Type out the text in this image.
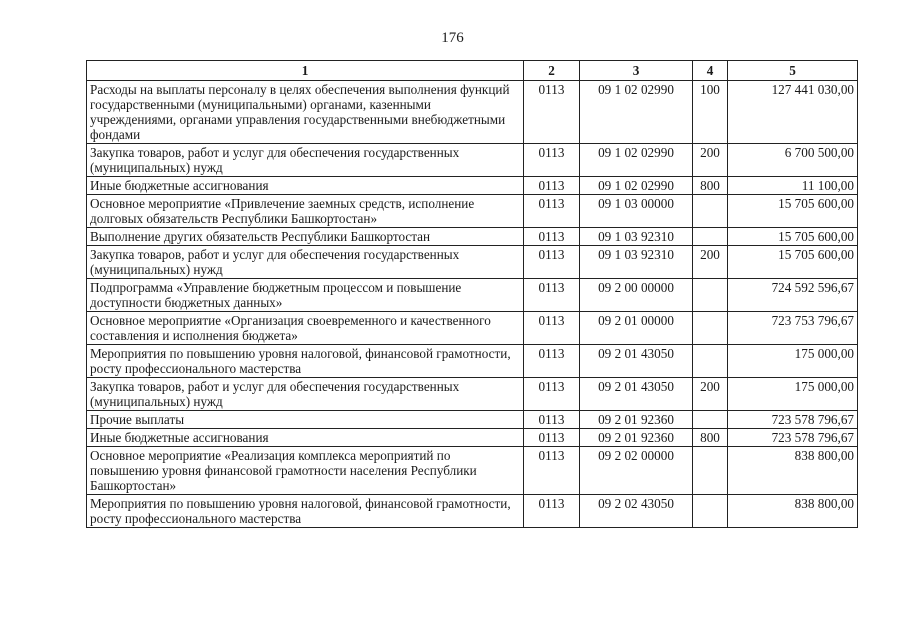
176
1	2	3	4	5
Расходы на выплаты персоналу в целях обеспечения выполнения функций государственными (муниципальными) органами, казенными учреждениями, органами управления государственными внебюджетными фондами	0113	09 1 02 02990	100	127 441 030,00
Закупка товаров, работ и услуг для обеспечения государственных (муниципальных) нужд	0113	09 1 02 02990	200	6 700 500,00
Иные бюджетные ассигнования	0113	09 1 02 02990	800	11 100,00
Основное мероприятие «Привлечение заемных средств, исполнение долговых обязательств Республики Башкортостан»	0113	09 1 03 00000		15 705 600,00
Выполнение других обязательств Республики Башкортостан	0113	09 1 03 92310		15 705 600,00
Закупка товаров, работ и услуг для обеспечения государственных (муниципальных) нужд	0113	09 1 03 92310	200	15 705 600,00
Подпрограмма «Управление бюджетным процессом и повышение доступности бюджетных данных»	0113	09 2 00 00000		724 592 596,67
Основное мероприятие «Организация своевременного и качественного составления и исполнения бюджета»	0113	09 2 01 00000		723 753 796,67
Мероприятия по повышению уровня налоговой, финансовой грамотности, росту профессионального мастерства	0113	09 2 01 43050		175 000,00
Закупка товаров, работ и услуг для обеспечения государственных (муниципальных) нужд	0113	09 2 01 43050	200	175 000,00
Прочие выплаты	0113	09 2 01 92360		723 578 796,67
Иные бюджетные ассигнования	0113	09 2 01 92360	800	723 578 796,67
Основное мероприятие «Реализация комплекса мероприятий по повышению уровня финансовой грамотности населения Республики Башкортостан»	0113	09 2 02 00000		838 800,00
Мероприятия по повышению уровня налоговой, финансовой грамотности, росту профессионального мастерства	0113	09 2 02 43050		838 800,00
